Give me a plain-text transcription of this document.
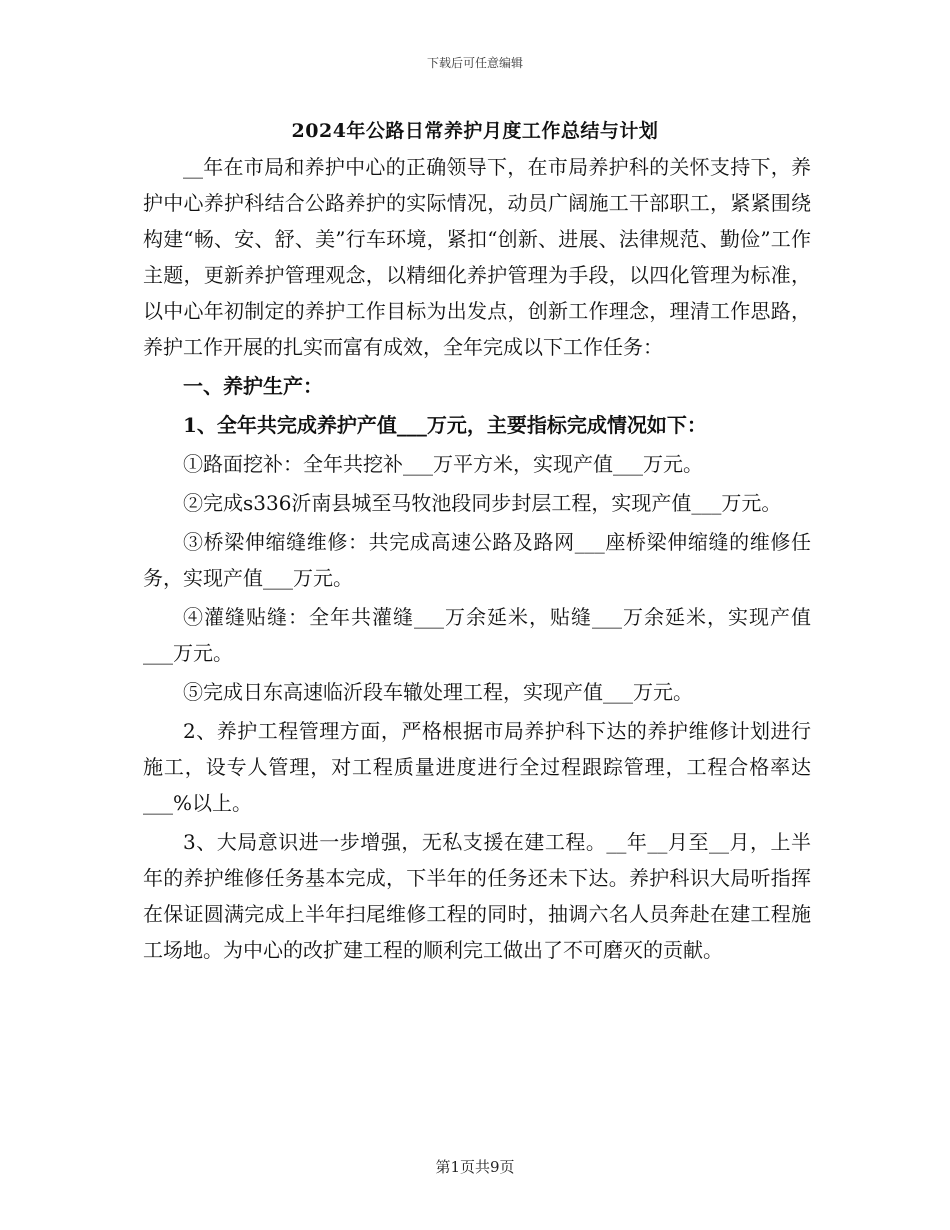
下载后可任意编辑
2024年公路日常养护月度工作总结与计划

__年在市局和养护中心的正确领导下，在市局养护科的关怀支持下，养护中心养护科结合公路养护的实际情况，动员广阔施工干部职工，紧紧围绕构建“畅、安、舒、美”行车环境，紧扣“创新、进展、法律规范、勤俭”工作主题，更新养护管理观念，以精细化养护管理为手段，以四化管理为标准，以中心年初制定的养护工作目标为出发点，创新工作理念，理清工作思路，养护工作开展的扎实而富有成效，全年完成以下工作任务：

一、养护生产：

1、全年共完成养护产值___万元，主要指标完成情况如下：

①路面挖补：全年共挖补___万平方米，实现产值___万元。

②完成s336沂南县城至马牧池段同步封层工程，实现产值___万元。

③桥梁伸缩缝维修：共完成高速公路及路网___座桥梁伸缩缝的维修任务，实现产值___万元。

④灌缝贴缝：全年共灌缝___万余延米，贴缝___万余延米，实现产值___万元。

⑤完成日东高速临沂段车辙处理工程，实现产值___万元。

2、养护工程管理方面，严格根据市局养护科下达的养护维修计划进行施工，设专人管理，对工程质量进度进行全过程跟踪管理，工程合格率达___%以上。

3、大局意识进一步增强，无私支援在建工程。__年__月至__月，上半年的养护维修任务基本完成，下半年的任务还未下达。养护科识大局听指挥在保证圆满完成上半年扫尾维修工程的同时，抽调六名人员奔赴在建工程施工场地。为中心的改扩建工程的顺利完工做出了不可磨灭的贡献。

第1页共9页
